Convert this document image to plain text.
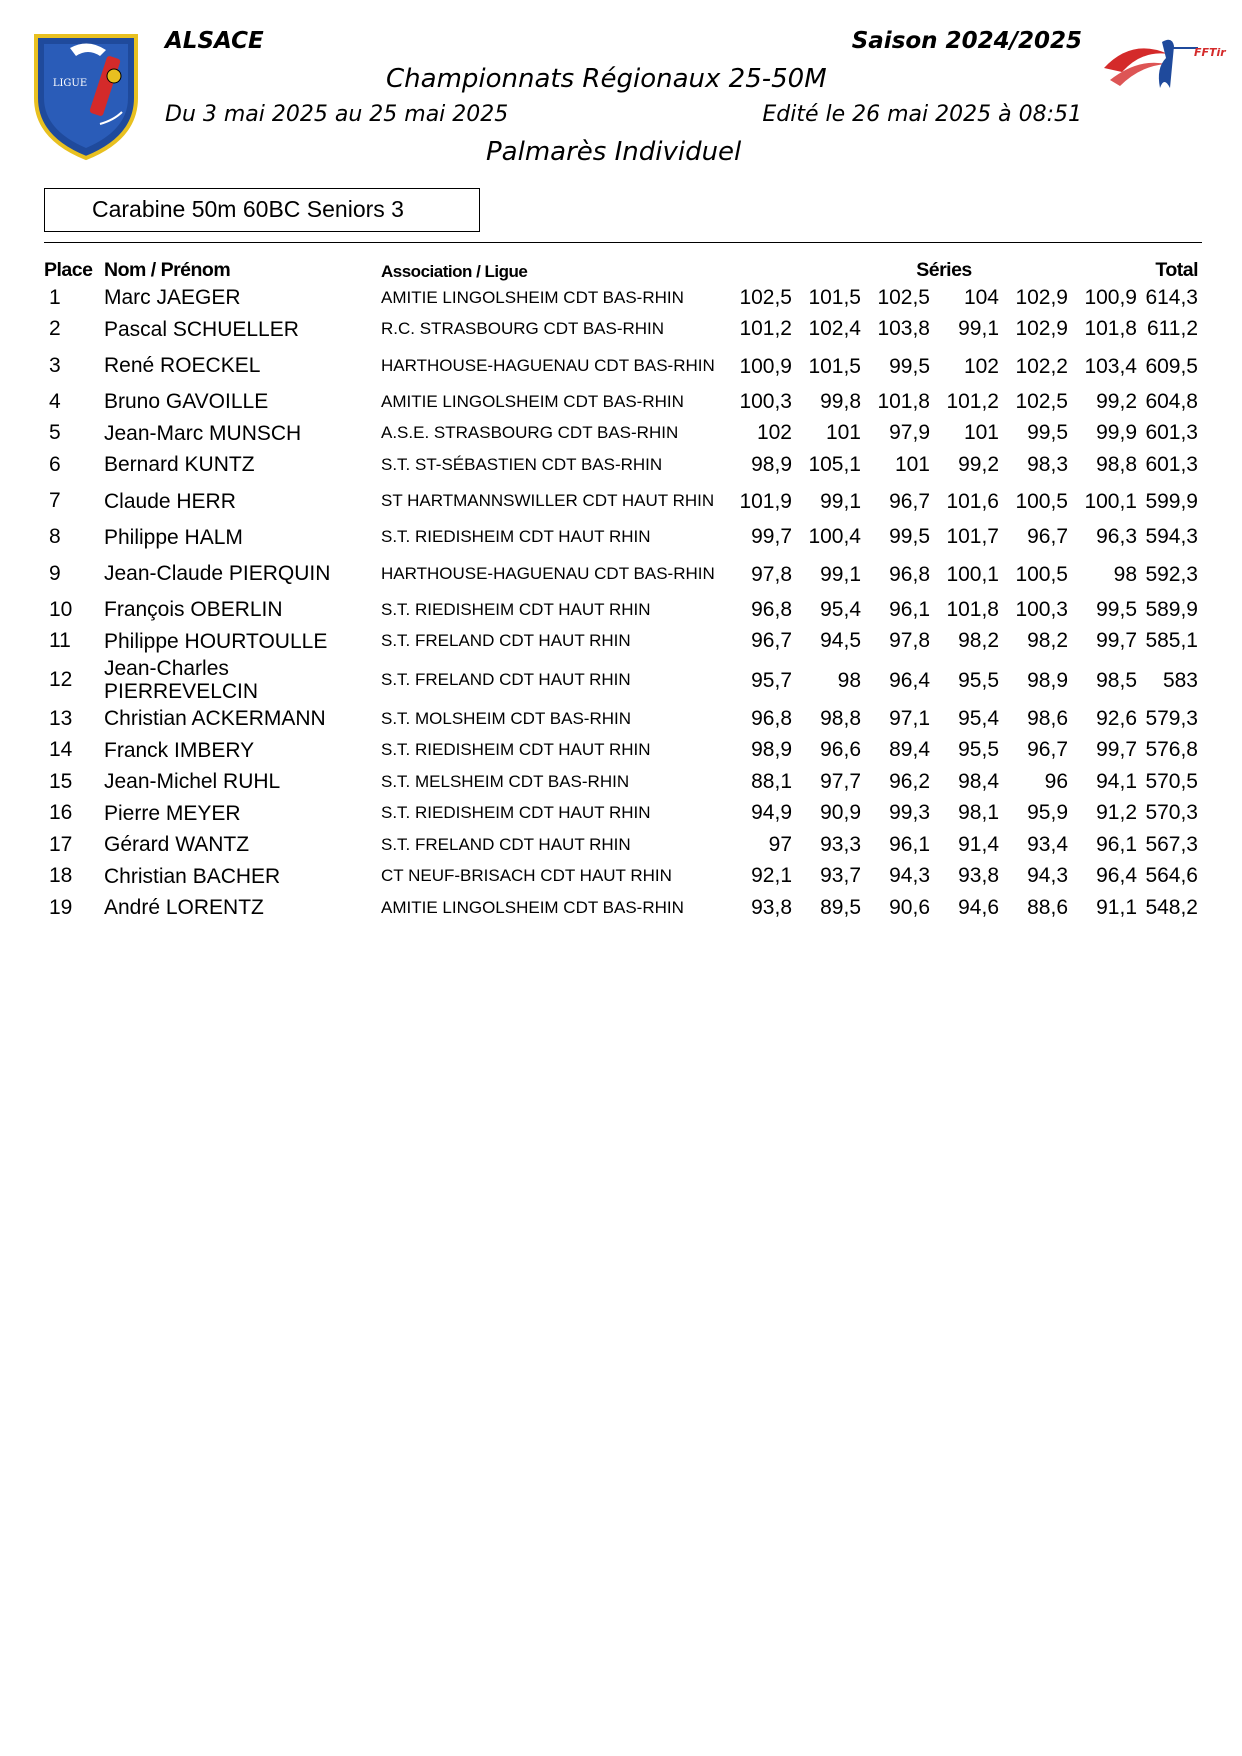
LIGUE
ALSACE	Saison 2024/2025
Championnats Régionaux 25-50M
Du 3 mai 2025 au 25 mai 2025	Edité le 26 mai 2025 à 08:51
Palmarès Individuel
FFTir
Carabine 50m 60BC Seniors 3
Place	Nom / Prénom	Association / Ligue	Séries						Total
1	Marc JAEGER	AMITIE LINGOLSHEIM CDT BAS-RHIN	102,5	101,5	102,5	104	102,9	100,9	614,3
2	Pascal SCHUELLER	R.C. STRASBOURG CDT BAS-RHIN	101,2	102,4	103,8	99,1	102,9	101,8	611,2
3	René ROECKEL	HARTHOUSE-HAGUENAU CDT BAS-RHIN	100,9	101,5	99,5	102	102,2	103,4	609,5
4	Bruno GAVOILLE	AMITIE LINGOLSHEIM CDT BAS-RHIN	100,3	99,8	101,8	101,2	102,5	99,2	604,8
5	Jean-Marc MUNSCH	A.S.E. STRASBOURG CDT BAS-RHIN	102	101	97,9	101	99,5	99,9	601,3
6	Bernard KUNTZ	S.T. ST-SÉBASTIEN CDT BAS-RHIN	98,9	105,1	101	99,2	98,3	98,8	601,3
7	Claude HERR	ST HARTMANNSWILLER CDT HAUT RHIN	101,9	99,1	96,7	101,6	100,5	100,1	599,9
8	Philippe HALM	S.T. RIEDISHEIM CDT HAUT RHIN	99,7	100,4	99,5	101,7	96,7	96,3	594,3
9	Jean-Claude PIERQUIN	HARTHOUSE-HAGUENAU CDT BAS-RHIN	97,8	99,1	96,8	100,1	100,5	98	592,3
10	François OBERLIN	S.T. RIEDISHEIM CDT HAUT RHIN	96,8	95,4	96,1	101,8	100,3	99,5	589,9
11	Philippe HOURTOULLE	S.T. FRELAND CDT HAUT RHIN	96,7	94,5	97,8	98,2	98,2	99,7	585,1
12	Jean-Charles PIERREVELCIN	S.T. FRELAND CDT HAUT RHIN	95,7	98	96,4	95,5	98,9	98,5	583
13	Christian ACKERMANN	S.T. MOLSHEIM CDT BAS-RHIN	96,8	98,8	97,1	95,4	98,6	92,6	579,3
14	Franck IMBERY	S.T. RIEDISHEIM CDT HAUT RHIN	98,9	96,6	89,4	95,5	96,7	99,7	576,8
15	Jean-Michel RUHL	S.T. MELSHEIM CDT BAS-RHIN	88,1	97,7	96,2	98,4	96	94,1	570,5
16	Pierre MEYER	S.T. RIEDISHEIM CDT HAUT RHIN	94,9	90,9	99,3	98,1	95,9	91,2	570,3
17	Gérard WANTZ	S.T. FRELAND CDT HAUT RHIN	97	93,3	96,1	91,4	93,4	96,1	567,3
18	Christian BACHER	CT NEUF-BRISACH CDT HAUT RHIN	92,1	93,7	94,3	93,8	94,3	96,4	564,6
19	André LORENTZ	AMITIE LINGOLSHEIM CDT BAS-RHIN	93,8	89,5	90,6	94,6	88,6	91,1	548,2
